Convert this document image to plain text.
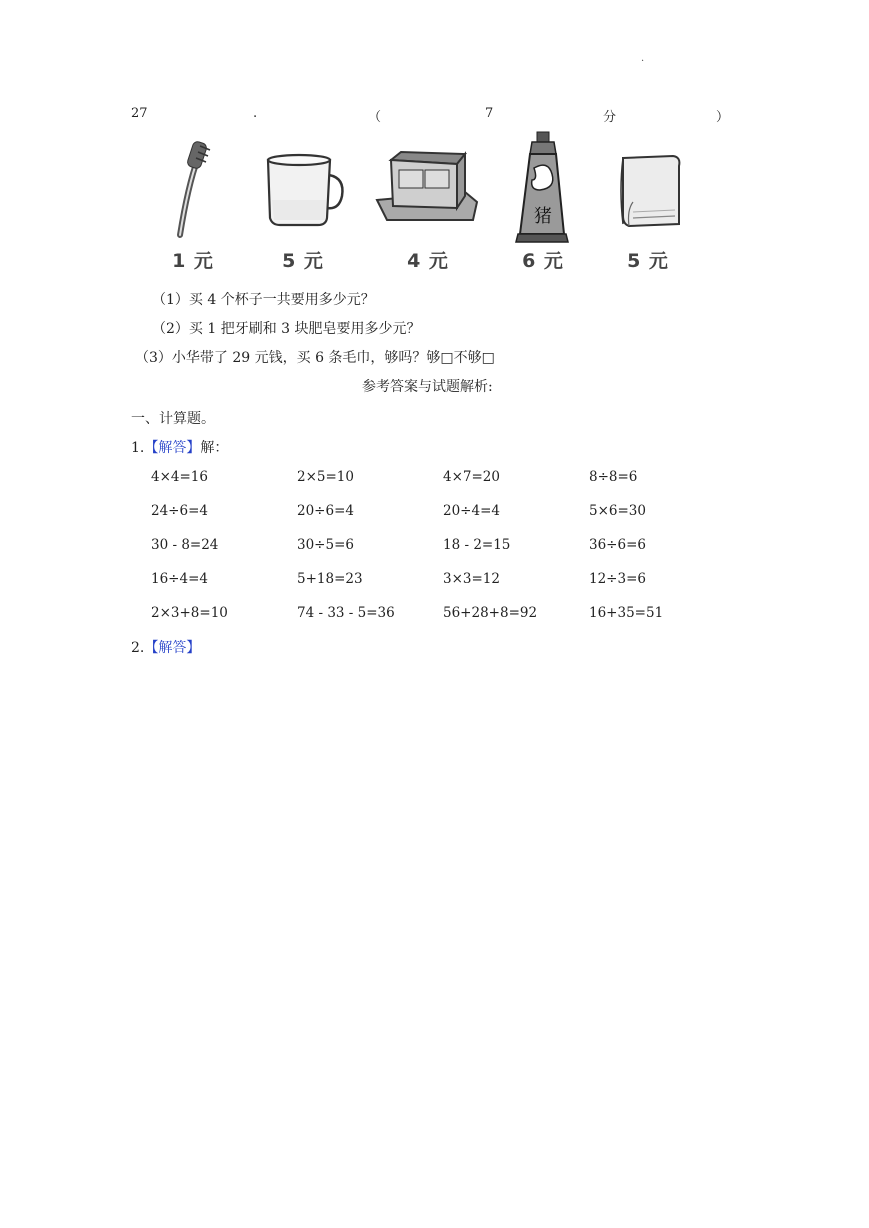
·
27	.	（	7	分	）
1 元	5 元	4 元
猪
6 元	5 元
（1）买 4 个杯子一共要用多少元？
（2）买 1 把牙刷和 3 块肥皂要用多少元？
（3）小华带了 29 元钱，买 6 条毛巾，够吗？够□不够□
参考答案与试题解析:
一、计算题。
1.【解答】解：
4×4=16	2×5=10	4×7=20	8÷8=6
24÷6=4	20÷6=4	20÷4=4	5×6=30
30 - 8=24	30÷5=6	18 - 2=15	36÷6=6
16÷4=4	5+18=23	3×3=12	12÷3=6
2×3+8=10	74 - 33 - 5=36	56+28+8=92	16+35=51
2.【解答】
